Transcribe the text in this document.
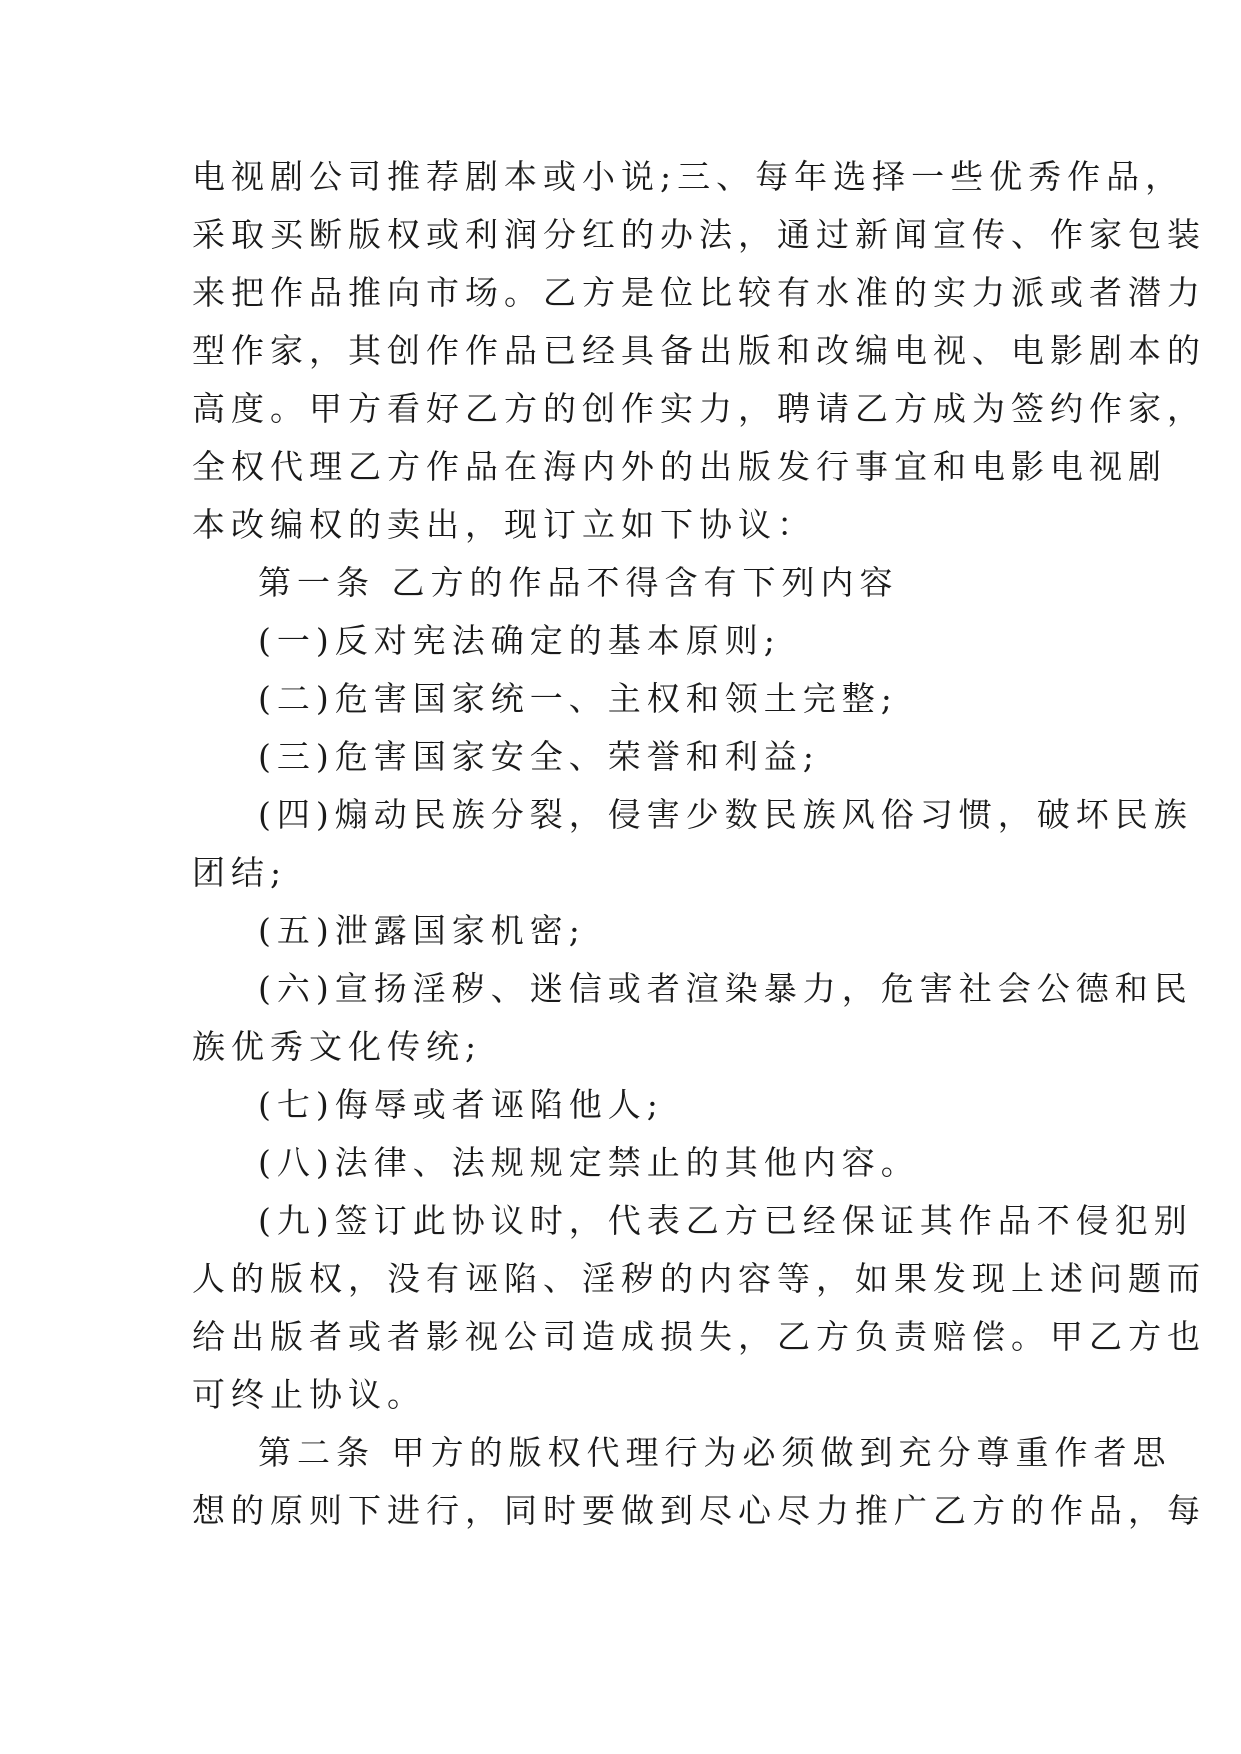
电视剧公司推荐剧本或小说;三、每年选择一些优秀作品，
采取买断版权或利润分红的办法，通过新闻宣传、作家包装
来把作品推向市场。乙方是位比较有水准的实力派或者潜力
型作家，其创作作品已经具备出版和改编电视、电影剧本的
高度。甲方看好乙方的创作实力，聘请乙方成为签约作家，
全权代理乙方作品在海内外的出版发行事宜和电影电视剧
本改编权的卖出，现订立如下协议：
第一条 乙方的作品不得含有下列内容
(一)反对宪法确定的基本原则;
(二)危害国家统一、主权和领土完整;
(三)危害国家安全、荣誉和利益;
(四)煽动民族分裂，侵害少数民族风俗习惯，破坏民族
团结;
(五)泄露国家机密;
(六)宣扬淫秽、迷信或者渲染暴力，危害社会公德和民
族优秀文化传统;
(七)侮辱或者诬陷他人;
(八)法律、法规规定禁止的其他内容。
(九)签订此协议时，代表乙方已经保证其作品不侵犯别
人的版权，没有诬陷、淫秽的内容等，如果发现上述问题而
给出版者或者影视公司造成损失，乙方负责赔偿。甲乙方也
可终止协议。
第二条 甲方的版权代理行为必须做到充分尊重作者思
想的原则下进行，同时要做到尽心尽力推广乙方的作品，每
